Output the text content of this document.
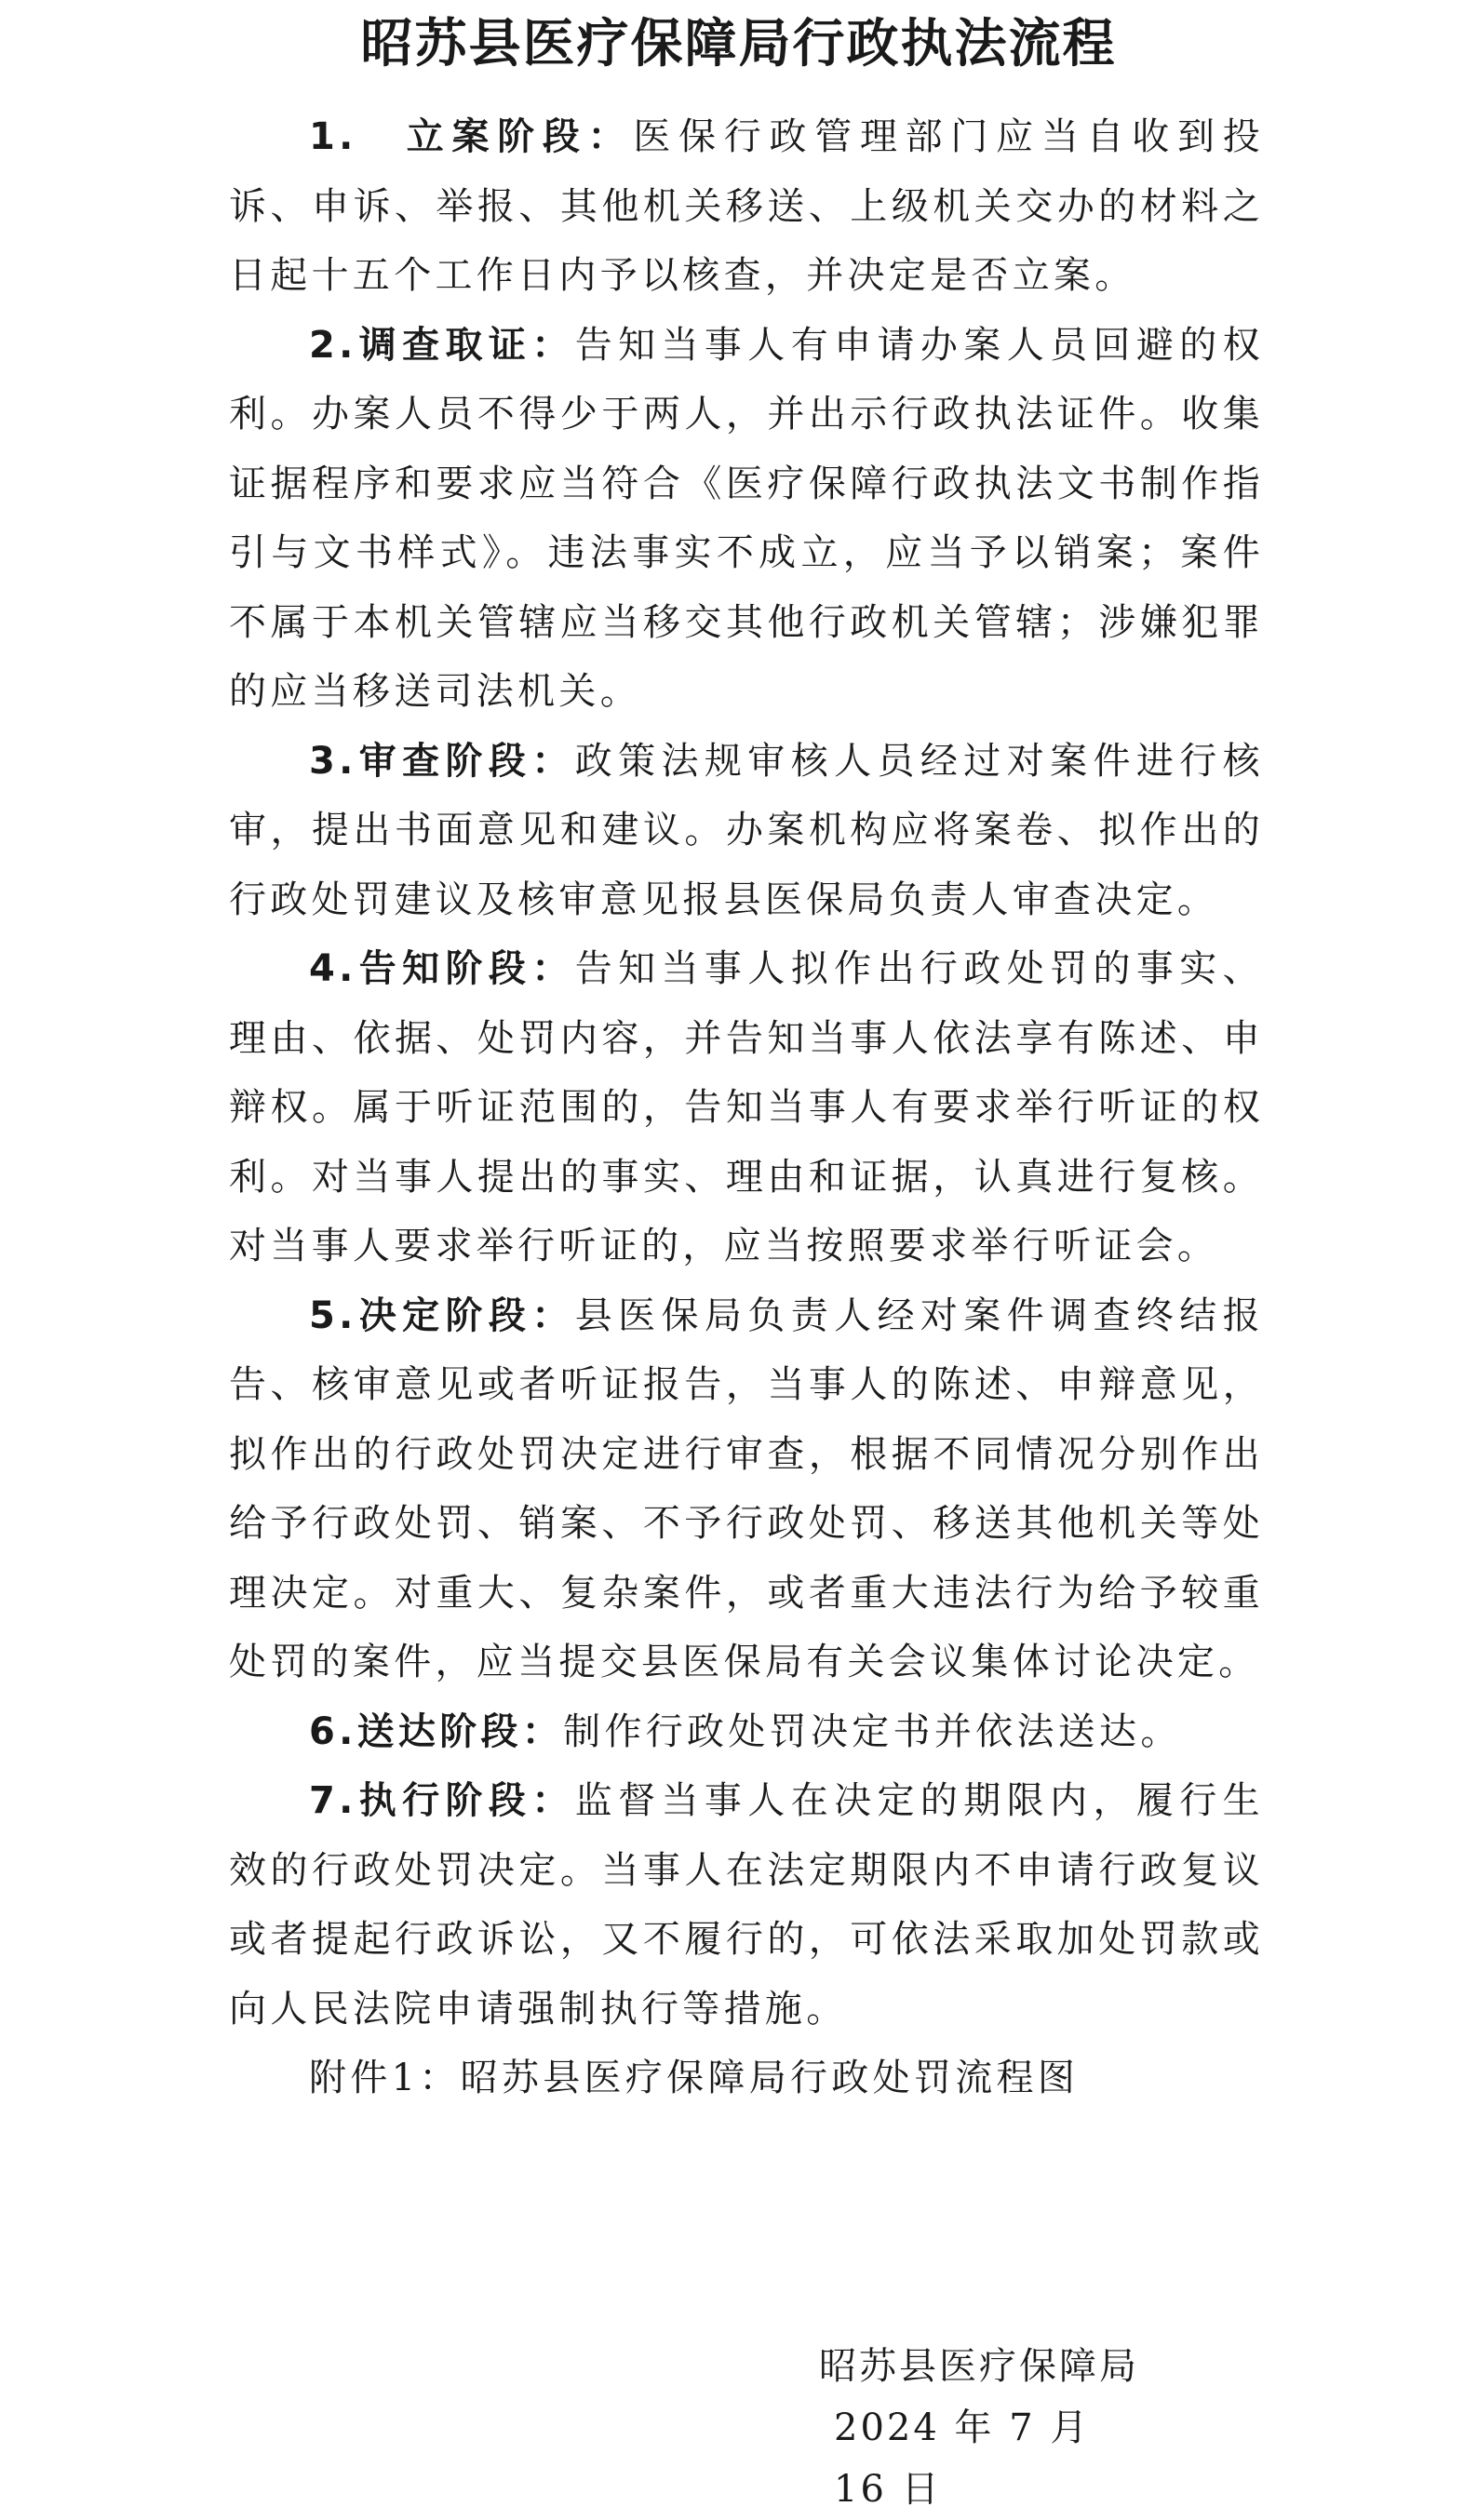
昭苏县医疗保障局行政执法流程

1.　立案阶段：医保行政管理部门应当自收到投诉、申诉、举报、其他机关移送、上级机关交办的材料之日起十五个工作日内予以核查，并决定是否立案。

2.调查取证：告知当事人有申请办案人员回避的权利。办案人员不得少于两人，并出示行政执法证件。收集证据程序和要求应当符合《医疗保障行政执法文书制作指引与文书样式》。违法事实不成立，应当予以销案；案件不属于本机关管辖应当移交其他行政机关管辖；涉嫌犯罪的应当移送司法机关。

3.审查阶段：政策法规审核人员经过对案件进行核审，提出书面意见和建议。办案机构应将案卷、拟作出的行政处罚建议及核审意见报县医保局负责人审查决定。

4.告知阶段：告知当事人拟作出行政处罚的事实、理由、依据、处罚内容，并告知当事人依法享有陈述、申辩权。属于听证范围的，告知当事人有要求举行听证的权利。对当事人提出的事实、理由和证据，认真进行复核。对当事人要求举行听证的，应当按照要求举行听证会。

5.决定阶段：县医保局负责人经对案件调查终结报告、核审意见或者听证报告，当事人的陈述、申辩意见，拟作出的行政处罚决定进行审查，根据不同情况分别作出给予行政处罚、销案、不予行政处罚、移送其他机关等处理决定。对重大、复杂案件，或者重大违法行为给予较重处罚的案件，应当提交县医保局有关会议集体讨论决定。

6.送达阶段：制作行政处罚决定书并依法送达。

7.执行阶段：监督当事人在决定的期限内，履行生效的行政处罚决定。当事人在法定期限内不申请行政复议或者提起行政诉讼，又不履行的，可依法采取加处罚款或向人民法院申请强制执行等措施。

附件1：昭苏县医疗保障局行政处罚流程图

昭苏县医疗保障局
2024 年 7 月 16 日
